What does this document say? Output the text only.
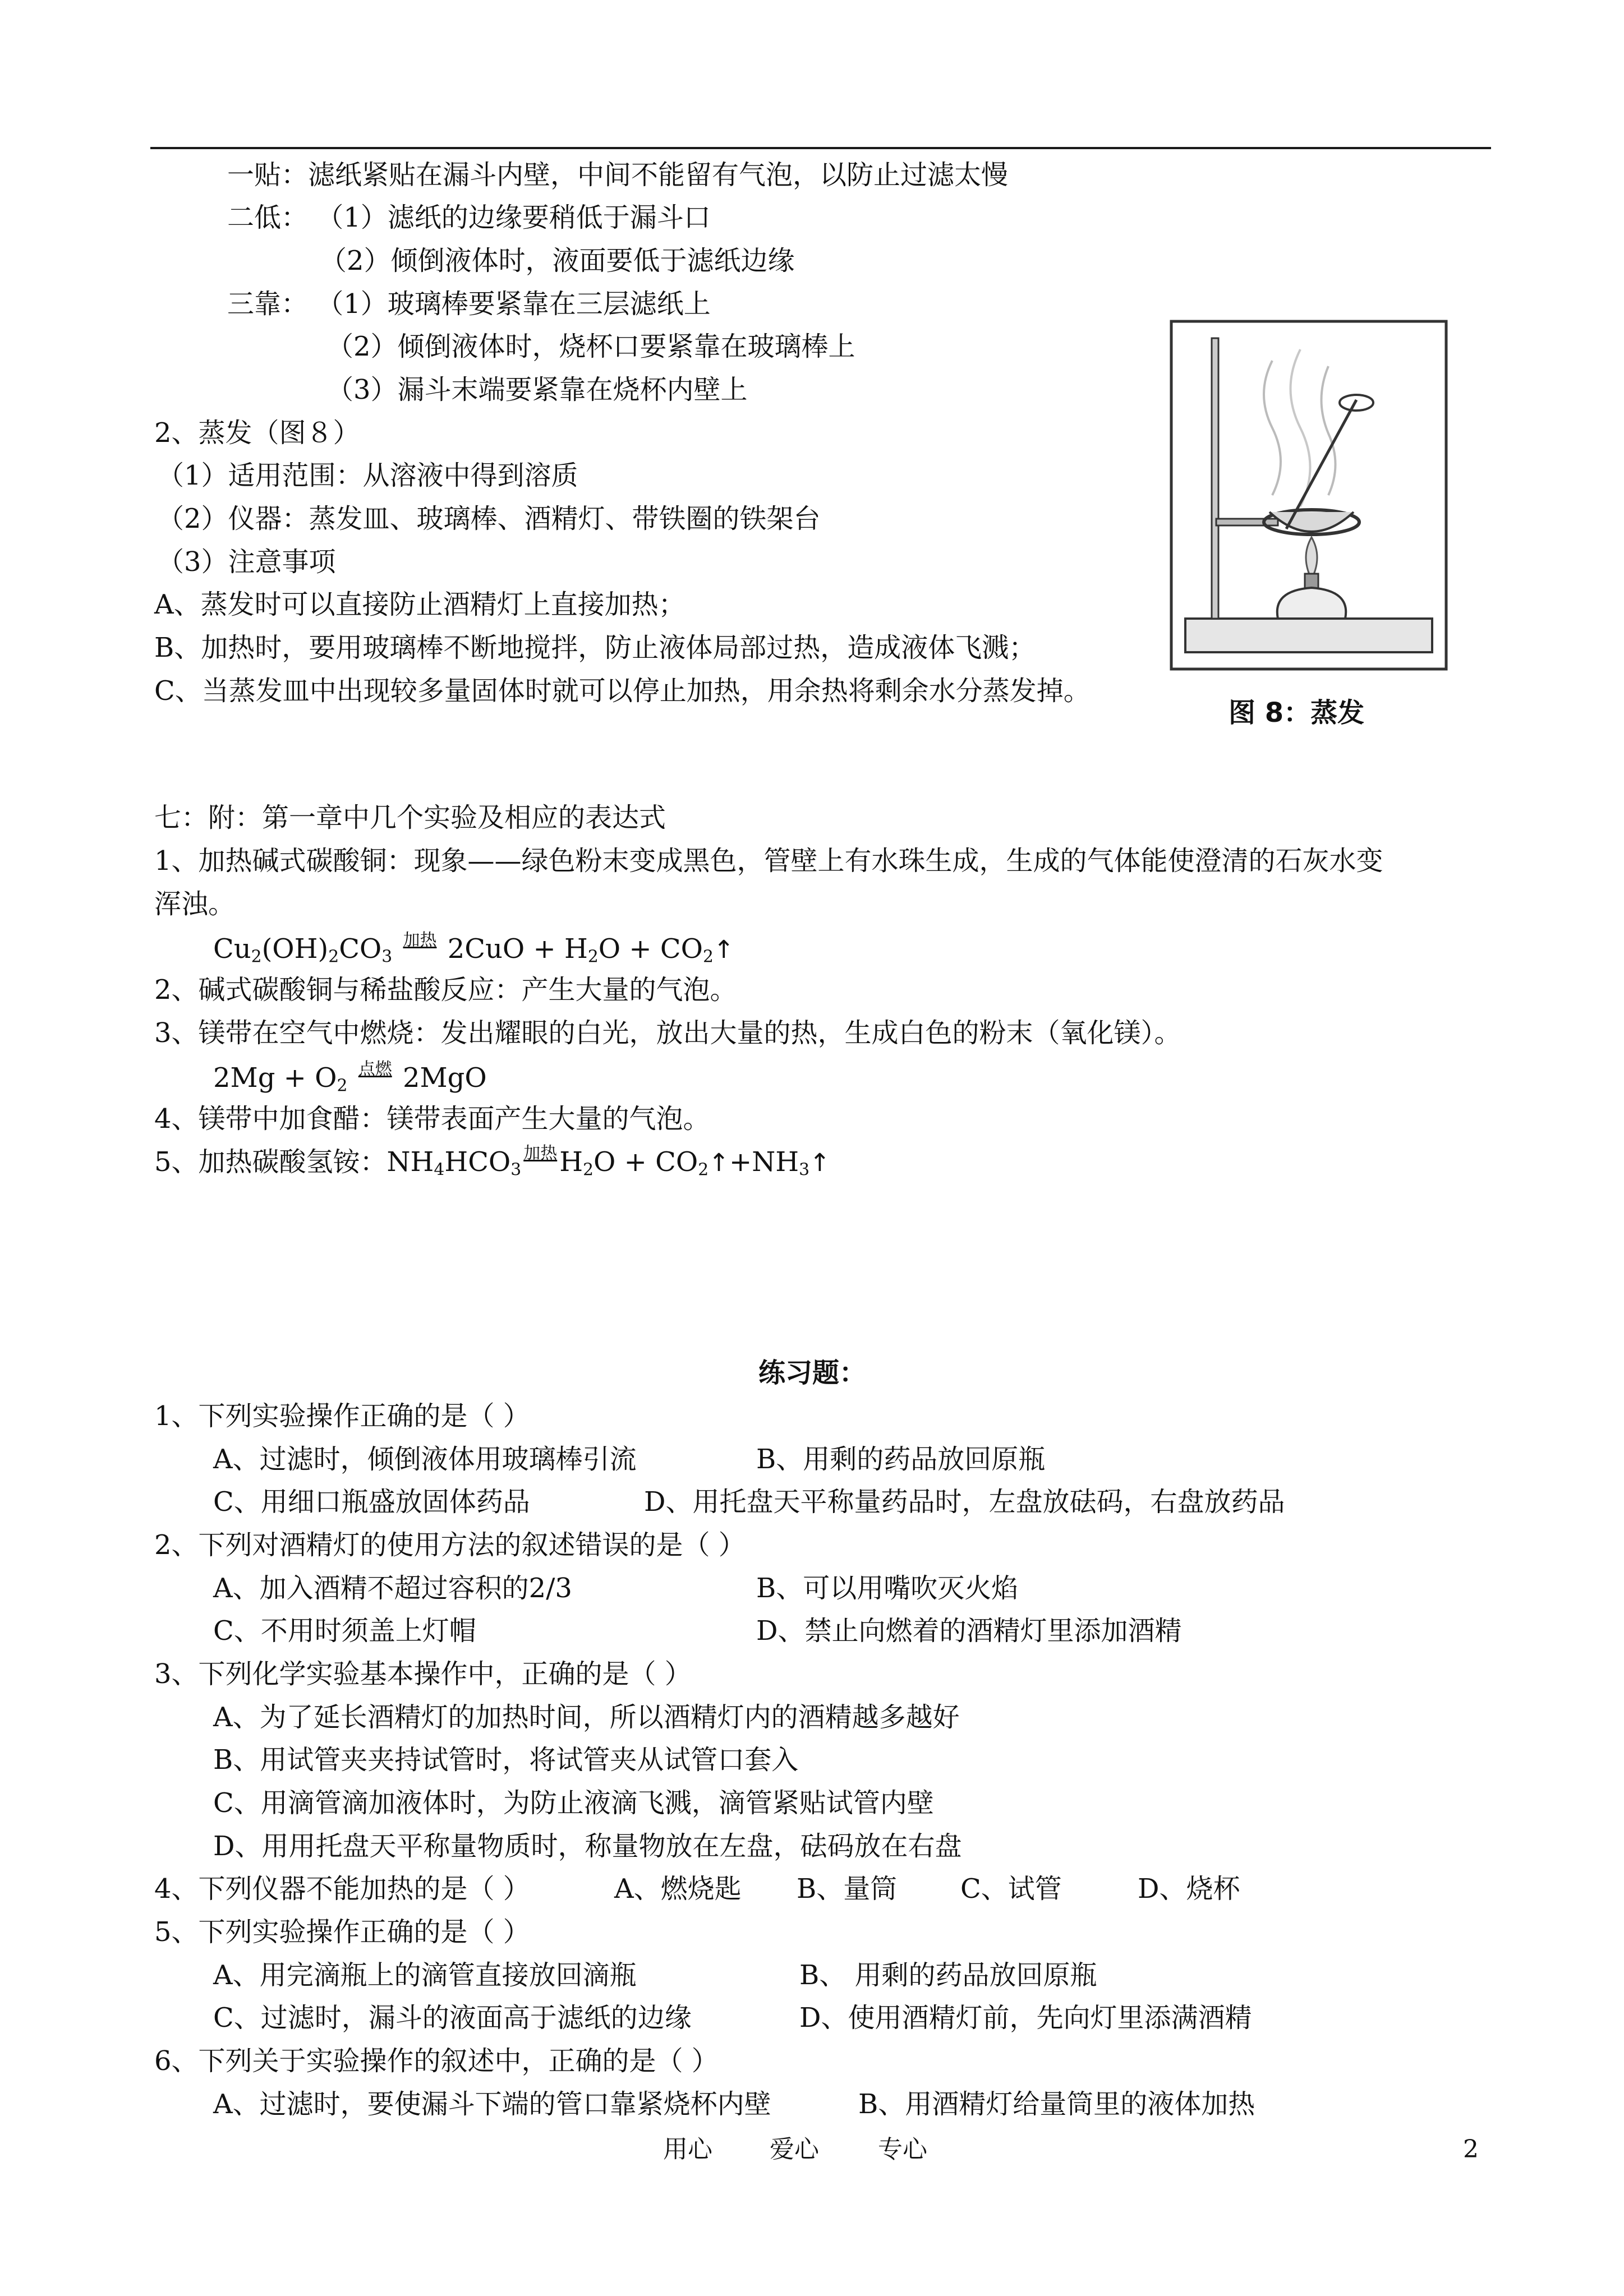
一贴：滤纸紧贴在漏斗内壁，中间不能留有气泡，以防止过滤太慢
二低： （1）滤纸的边缘要稍低于漏斗口
（2）倾倒液体时，液面要低于滤纸边缘
三靠： （1）玻璃棒要紧靠在三层滤纸上
（2）倾倒液体时，烧杯口要紧靠在玻璃棒上
（3）漏斗末端要紧靠在烧杯内壁上
2、蒸发（图８）
（1）适用范围：从溶液中得到溶质
（2）仪器：蒸发皿、玻璃棒、酒精灯、带铁圈的铁架台
（3）注意事项
A、蒸发时可以直接防止酒精灯上直接加热；
B、加热时，要用玻璃棒不断地搅拌，防止液体局部过热，造成液体飞溅；
C、当蒸发皿中出现较多量固体时就可以停止加热，用余热将剩余水分蒸发掉。
图 8：蒸发
七：附：第一章中几个实验及相应的表达式
1、加热碱式碳酸铜：现象——绿色粉末变成黑色，管壁上有水珠生成，生成的气体能使澄清的石灰水变
浑浊。
$Cu_2(OH)_2CO_3$ $^{加热}$ $2CuO + H_2O$ + $CO_2↑$
2、碱式碳酸铜与稀盐酸反应：产生大量的气泡。
3、镁带在空气中燃烧：发出耀眼的白光，放出大量的热，生成白色的粉末（氧化镁）。
$2Mg + O_2$ $^{点燃}$ 2MgO
4、镁带中加食醋：镁带表面产生大量的气泡。
5、加热碳酸氢铵：$NH_4HCO_3^{加热}H_2O$ + $CO_2↑+NH_3↑$
练习题：
1、下列实验操作正确的是（ ）
A、过滤时，倾倒液体用玻璃棒引流	B、用剩的药品放回原瓶
C、用细口瓶盛放固体药品	D、用托盘天平称量药品时，左盘放砝码，右盘放药品
2、下列对酒精灯的使用方法的叙述错误的是（ ）
A、加入酒精不超过容积的2/3	B、可以用嘴吹灭火焰
C、不用时须盖上灯帽	D、禁止向燃着的酒精灯里添加酒精
3、下列化学实验基本操作中，正确的是（ ）
A、为了延长酒精灯的加热时间，所以酒精灯内的酒精越多越好
B、用试管夹夹持试管时，将试管夹从试管口套入
C、用滴管滴加液体时，为防止液滴飞溅，滴管紧贴试管内壁
D、用用托盘天平称量物质时，称量物放在左盘，砝码放在右盘
4、下列仪器不能加热的是（ ）	A、燃烧匙 B、量筒 C、试管	D、烧杯
5、下列实验操作正确的是（ ）
A、用完滴瓶上的滴管直接放回滴瓶	B、 用剩的药品放回原瓶
C、过滤时，漏斗的液面高于滤纸的边缘	D、使用酒精灯前，先向灯里添满酒精
6、下列关于实验操作的叙述中，正确的是（ ）
A、过滤时，要使漏斗下端的管口靠紧烧杯内壁	B、用酒精灯给量筒里的液体加热
用心 爱心 专心	2
